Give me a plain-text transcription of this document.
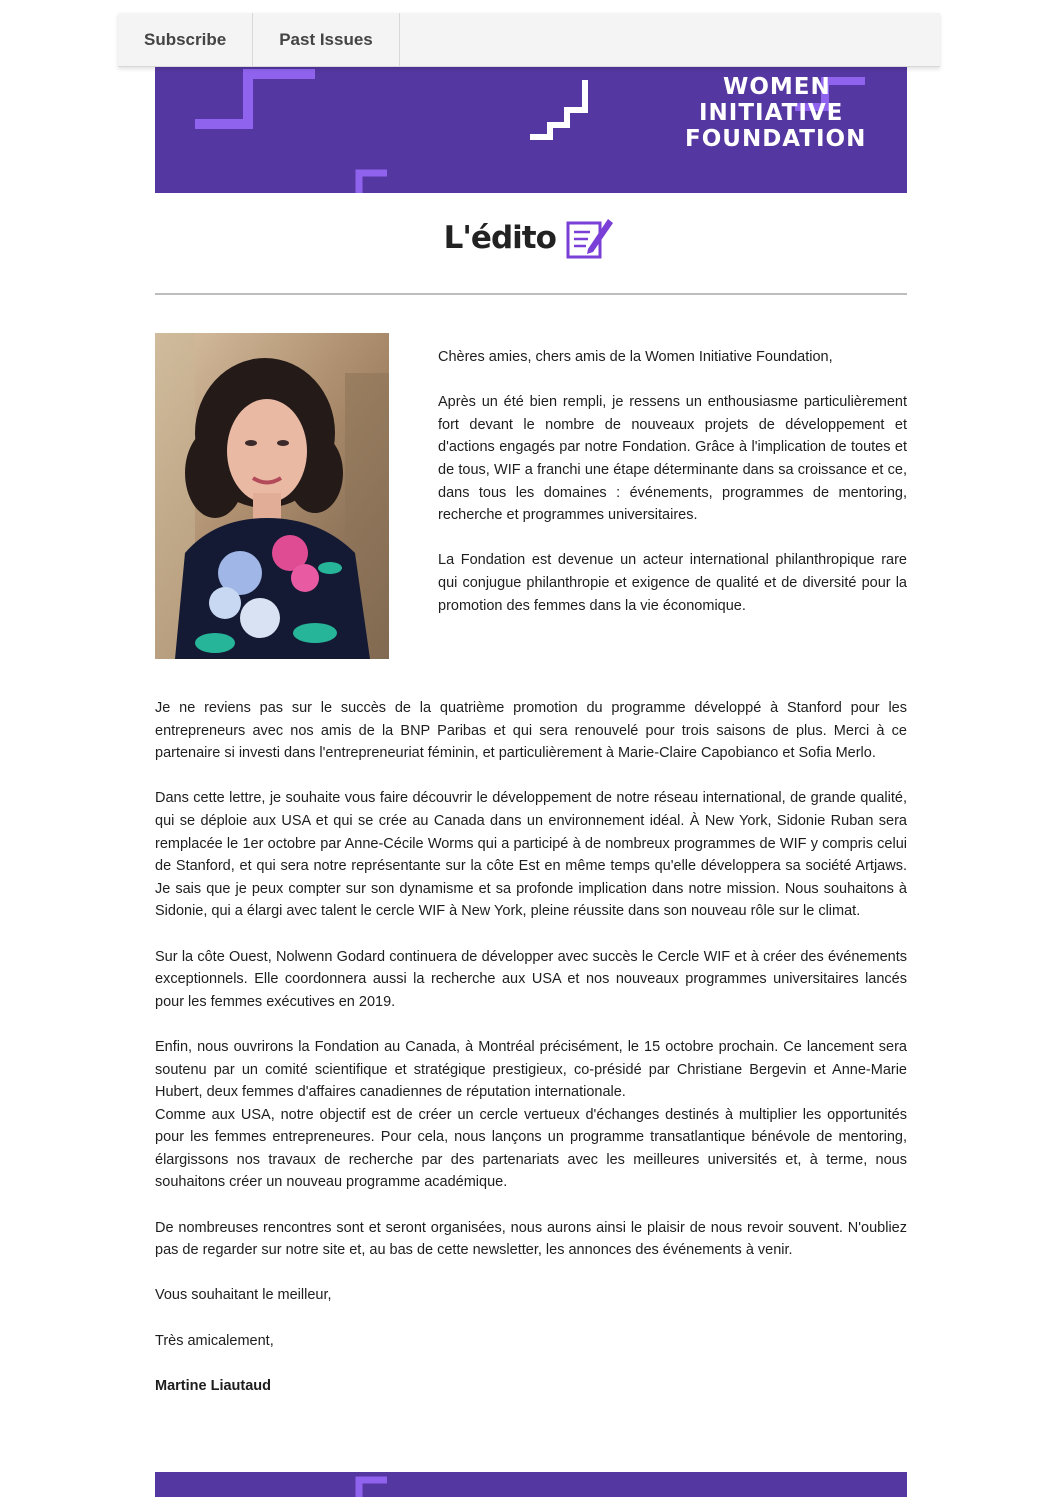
Subscribe	Past Issues
WOMEN
INITIATIVE
FOUNDATION
L'édito

Chères amies, chers amis de la Women Initiative Foundation,

Après un été bien rempli, je ressens un enthousiasme particulièrement fort devant le nombre de nouveaux projets de développement et d'actions engagés par notre Fondation. Grâce à l'implication de toutes et de tous, WIF a franchi une étape déterminante dans sa croissance et ce, dans tous les domaines : événements, programmes de mentoring, recherche et programmes universitaires.

La Fondation est devenue un acteur international philanthropique rare qui conjugue philanthropie et exigence de qualité et de diversité pour la promotion des femmes dans la vie économique.

Je ne reviens pas sur le succès de la quatrième promotion du programme développé à Stanford pour les entrepreneurs avec nos amis de la BNP Paribas et qui sera renouvelé pour trois saisons de plus. Merci à ce partenaire si investi dans l'entrepreneuriat féminin, et particulièrement à Marie-Claire Capobianco et Sofia Merlo.

Dans cette lettre, je souhaite vous faire découvrir le développement de notre réseau international, de grande qualité, qui se déploie aux USA et qui se crée au Canada dans un environnement idéal. À New York, Sidonie Ruban sera remplacée le 1er octobre par Anne-Cécile Worms qui a participé à de nombreux programmes de WIF y compris celui de Stanford, et qui sera notre représentante sur la côte Est en même temps qu'elle développera sa société Artjaws. Je sais que je peux compter sur son dynamisme et sa profonde implication dans notre mission. Nous souhaitons à Sidonie, qui a élargi avec talent le cercle WIF à New York, pleine réussite dans son nouveau rôle sur le climat.

Sur la côte Ouest, Nolwenn Godard continuera de développer avec succès le Cercle WIF et à créer des événements exceptionnels. Elle coordonnera aussi la recherche aux USA et nos nouveaux programmes universitaires lancés pour les femmes exécutives en 2019.

Enfin, nous ouvrirons la Fondation au Canada, à Montréal précisément, le 15 octobre prochain. Ce lancement sera soutenu par un comité scientifique et stratégique prestigieux, co-présidé par Christiane Bergevin et Anne-Marie Hubert, deux femmes d'affaires canadiennes de réputation internationale.

Comme aux USA, notre objectif est de créer un cercle vertueux d'échanges destinés à multiplier les opportunités pour les femmes entrepreneures. Pour cela, nous lançons un programme transatlantique bénévole de mentoring, élargissons nos travaux de recherche par des partenariats avec les meilleures universités et, à terme, nous souhaitons créer un nouveau programme académique.

De nombreuses rencontres sont et seront organisées, nous aurons ainsi le plaisir de nous revoir souvent. N'oubliez pas de regarder sur notre site et, au bas de cette newsletter, les annonces des événements à venir.

Vous souhaitant le meilleur,

Très amicalement,

Martine Liautaud
